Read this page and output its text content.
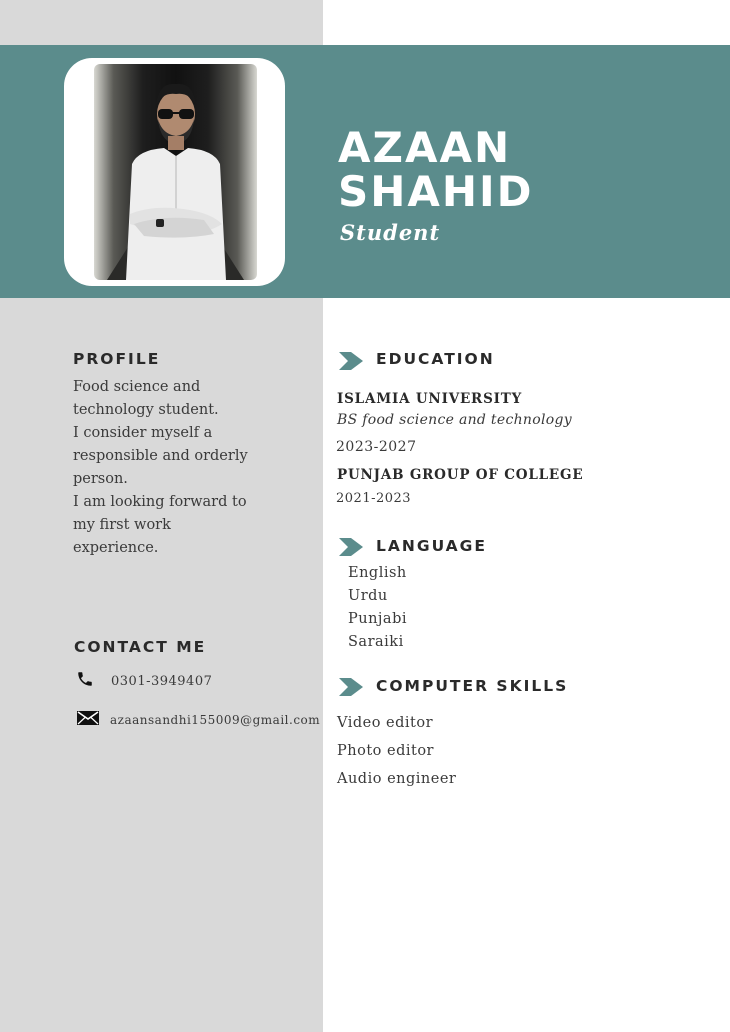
AZAAN
SHAHID
Student
PROFILE

Food science and

technology student.

I consider myself a

responsible and orderly

person.

I am looking forward to

my first work

experience.

CONTACT ME
0301-3949407
azaansandhi155009@gmail.com
EDUCATION
ISLAMIA UNIVERSITY
BS food science and technology
2023-2027
PUNJAB GROUP OF COLLEGE
2021-2023
LANGUAGE
English
Urdu
Punjabi
Saraiki
COMPUTER SKILLS
Video editor
Photo editor
Audio engineer
